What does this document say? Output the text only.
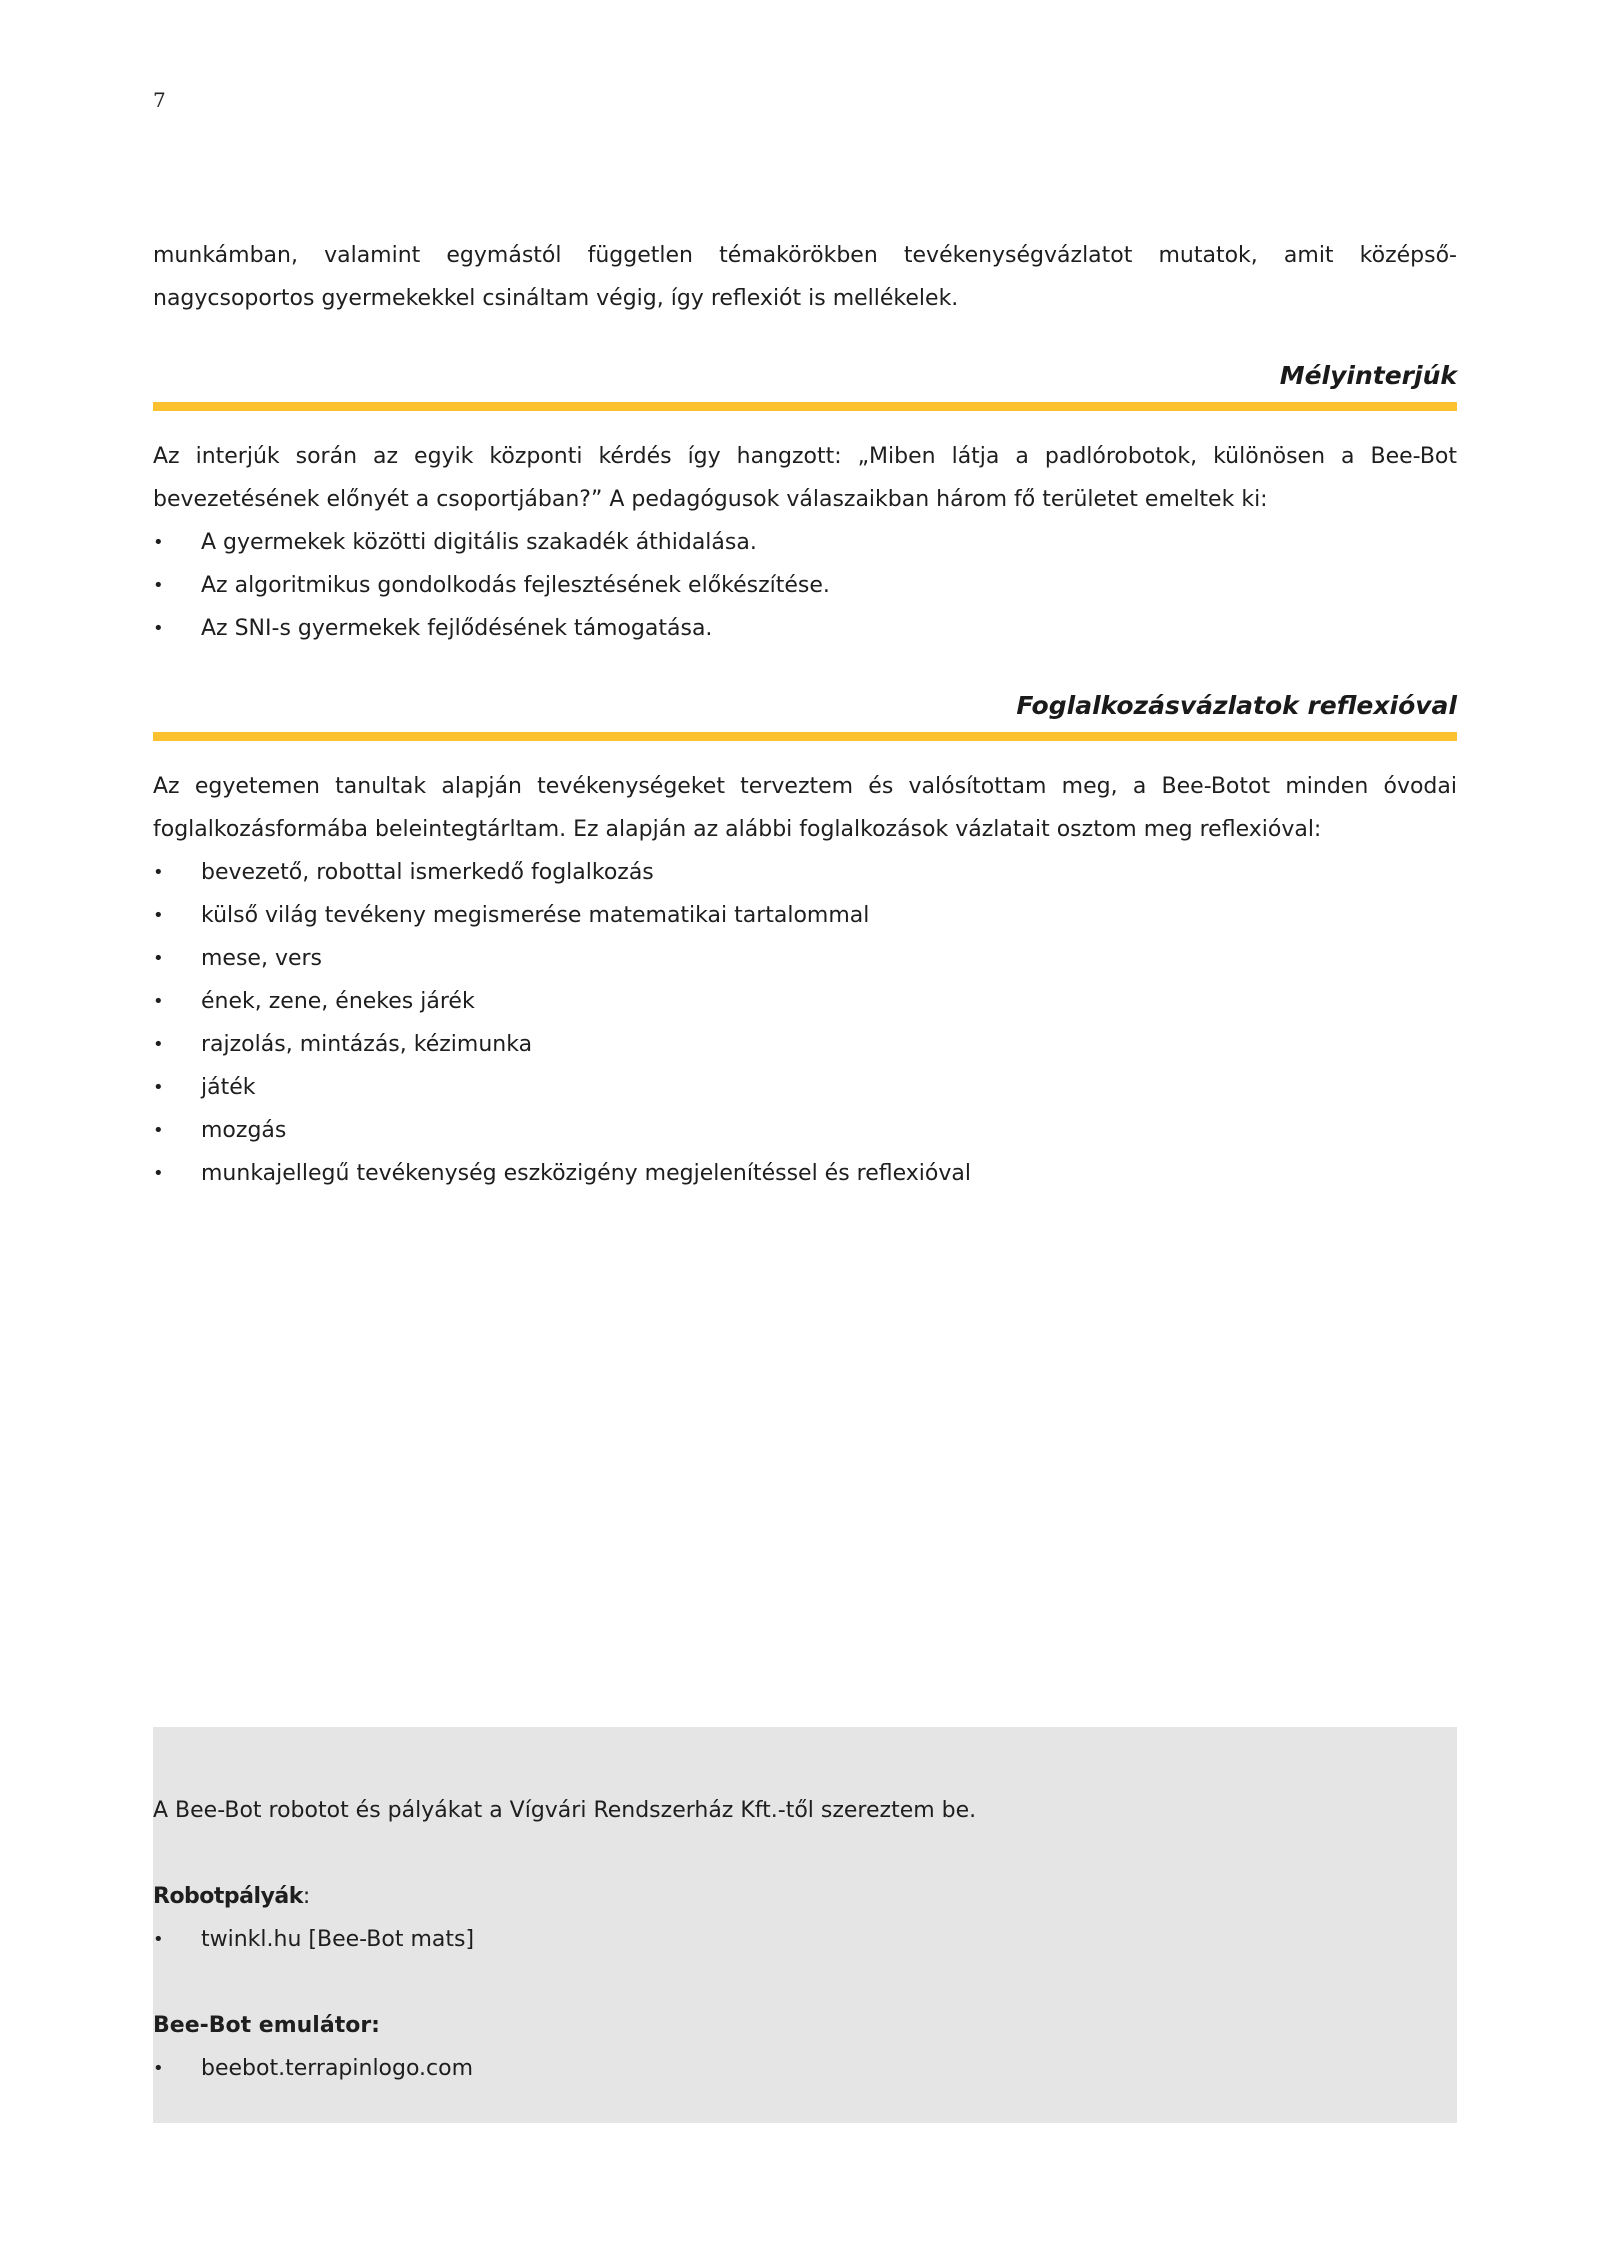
7

munkámban, valamint egymástól független témakörökben tevékenységvázlatot mutatok, amit középső-

nagycsoportos gyermekekkel csináltam végig, így reflexiót is mellékelek.

Mélyinterjúk

Az interjúk során az egyik központi kérdés így hangzott: „Miben látja a padlórobotok, különösen a Bee-Bot bevezetésének előnyét a csoportjában?” A pedagógusok válaszaikban három fő területet emeltek ki:

• A gyermekek közötti digitális szakadék áthidalása.
• Az algoritmikus gondolkodás fejlesztésének előkészítése.
• Az SNI-s gyermekek fejlődésének támogatása.
Foglalkozásvázlatok reflexióval

Az egyetemen tanultak alapján tevékenységeket terveztem és valósítottam meg, a Bee-Botot minden óvodai foglalkozásformába beleintegtárltam. Ez alapján az alábbi foglalkozások vázlatait osztom meg reflexióval:

• bevezető, robottal ismerkedő foglalkozás
• külső világ tevékeny megismerése matematikai tartalommal
• mese, vers
• ének, zene, énekes járék
• rajzolás, mintázás, kézimunka
• játék
• mozgás
• munkajellegű tevékenység eszközigény megjelenítéssel és reflexióval

A Bee-Bot robotot és pályákat a Vígvári Rendszerház Kft.-től szereztem be.

Robotpályák:

• twinkl.hu [Bee-Bot mats]

Bee-Bot emulátor:

• beebot.terrapinlogo.com
